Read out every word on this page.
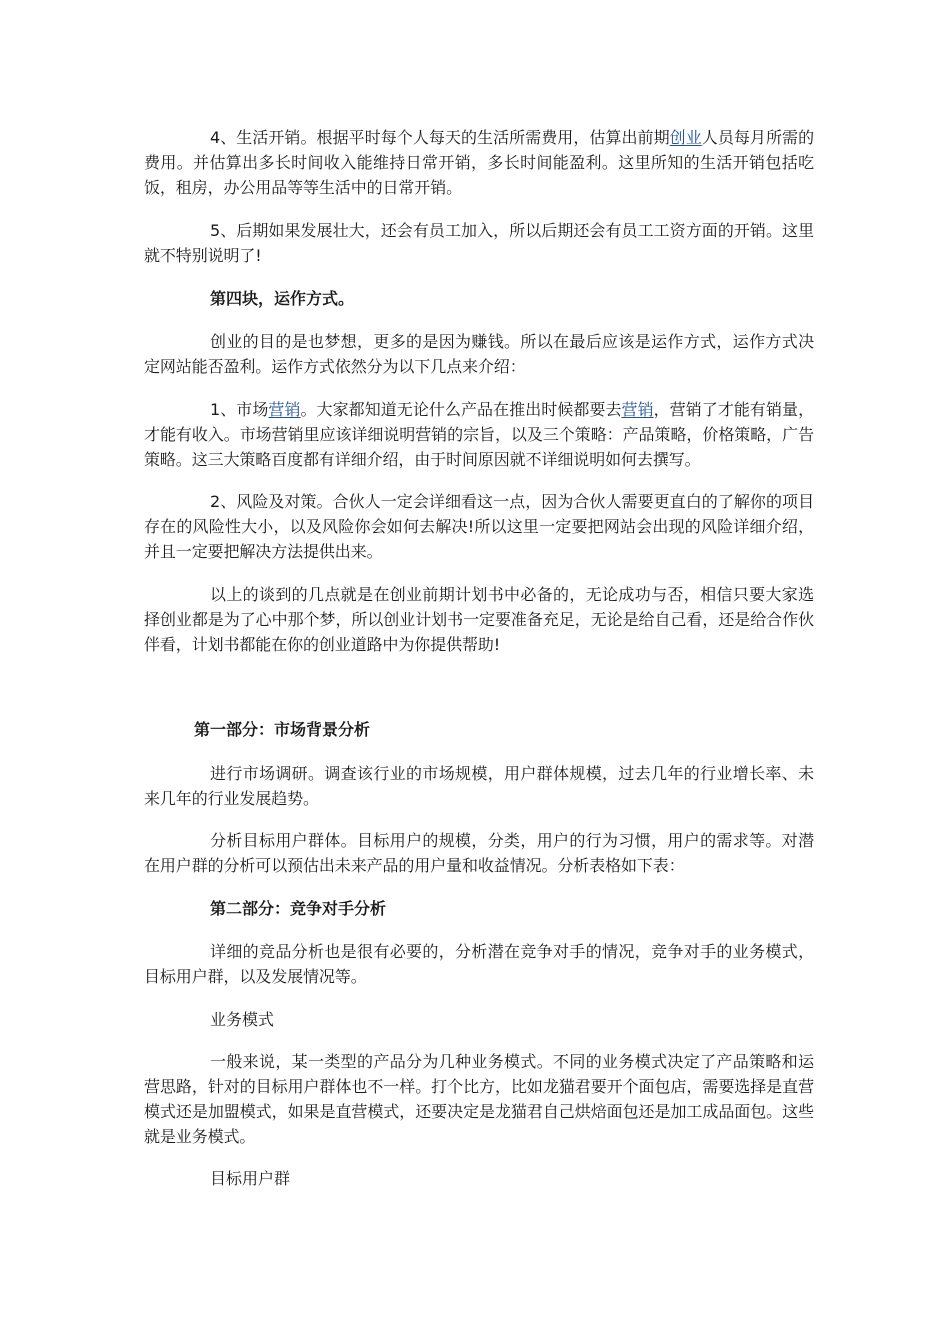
4、生活开销。根据平时每个人每天的生活所需费用，估算出前期创业人员每月所需的费用。并估算出多长时间收入能维持日常开销，多长时间能盈利。这里所知的生活开销包括吃饭，租房，办公用品等等生活中的日常开销。

5、后期如果发展壮大，还会有员工加入，所以后期还会有员工工资方面的开销。这里就不特别说明了!

第四块，运作方式。

创业的目的是也梦想，更多的是因为赚钱。所以在最后应该是运作方式，运作方式决定网站能否盈利。运作方式依然分为以下几点来介绍：

1、市场营销。大家都知道无论什么产品在推出时候都要去营销，营销了才能有销量，才能有收入。市场营销里应该详细说明营销的宗旨，以及三个策略：产品策略，价格策略，广告策略。这三大策略百度都有详细介绍，由于时间原因就不详细说明如何去撰写。

2、风险及对策。合伙人一定会详细看这一点，因为合伙人需要更直白的了解你的项目存在的风险性大小，以及风险你会如何去解决!所以这里一定要把网站会出现的风险详细介绍，并且一定要把解决方法提供出来。

以上的谈到的几点就是在创业前期计划书中必备的，无论成功与否，相信只要大家选择创业都是为了心中那个梦，所以创业计划书一定要准备充足，无论是给自己看，还是给合作伙伴看，计划书都能在你的创业道路中为你提供帮助!

第一部分：市场背景分析

进行市场调研。调查该行业的市场规模，用户群体规模，过去几年的行业增长率、未来几年的行业发展趋势。

分析目标用户群体。目标用户的规模，分类，用户的行为习惯，用户的需求等。对潜在用户群的分析可以预估出未来产品的用户量和收益情况。分析表格如下表：

第二部分：竞争对手分析

详细的竞品分析也是很有必要的，分析潜在竞争对手的情况，竞争对手的业务模式，目标用户群，以及发展情况等。

业务模式

一般来说，某一类型的产品分为几种业务模式。不同的业务模式决定了产品策略和运营思路，针对的目标用户群体也不一样。打个比方，比如龙猫君要开个面包店，需要选择是直营模式还是加盟模式，如果是直营模式，还要决定是龙猫君自己烘焙面包还是加工成品面包。这些就是业务模式。

目标用户群
